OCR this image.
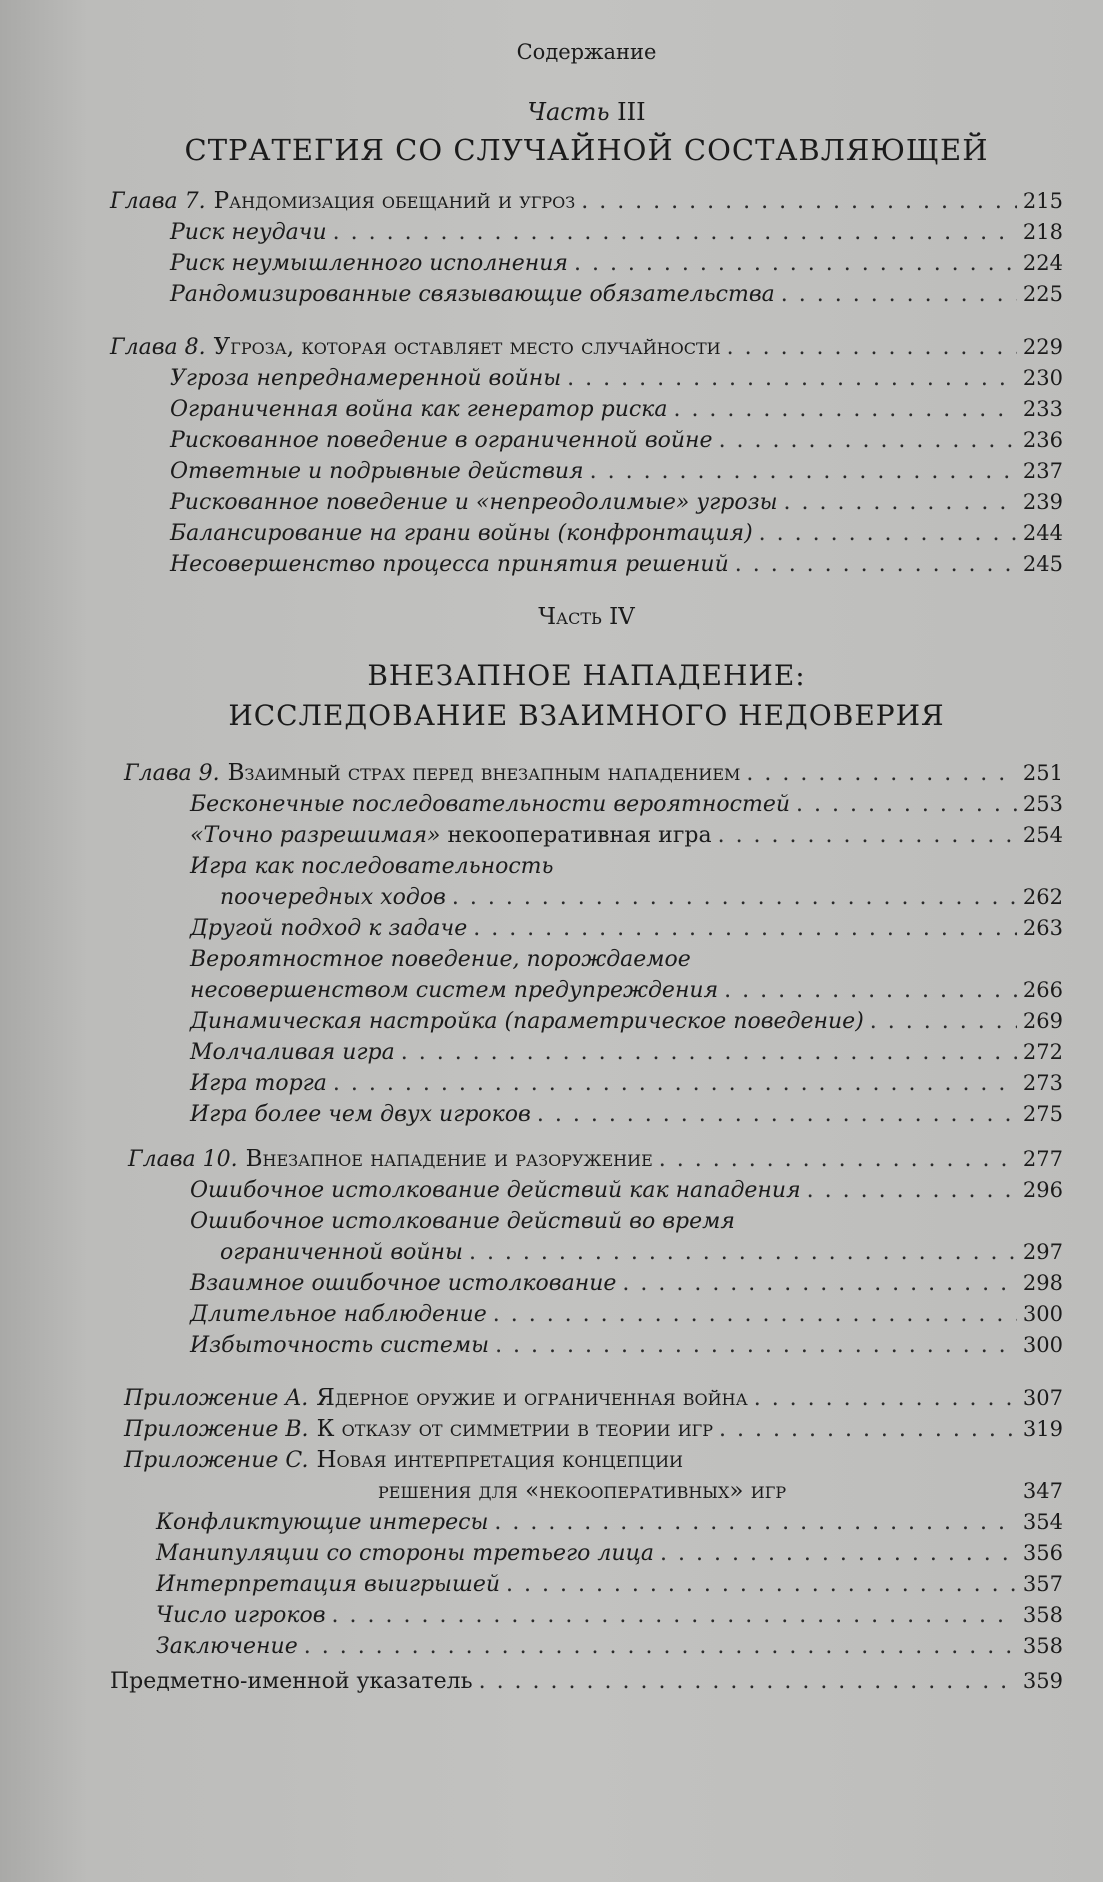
Содержание
Часть III
СТРАТЕГИЯ СО СЛУЧАЙНОЙ СОСТАВЛЯЮЩЕЙ
Глава 7. Рандомизация обещаний и угроз . . .	215
Риск неудачи . . .	218
Риск неумышленного исполнения . . .	224
Рандомизированные связывающие обязательства . . .	225
Глава 8. Угроза, которая оставляет место случайности . . .	229
Угроза непреднамеренной войны . . .	230
Ограниченная война как генератор риска . . .	233
Рискованное поведение в ограниченной войне . . .	236
Ответные и подрывные действия . . .	237
Рискованное поведение и «непреодолимые» угрозы . . .	239
Балансирование на грани войны (конфронтация) . . .	244
Несовершенство процесса принятия решений . . .	245
Часть IV
ВНЕЗАПНОЕ НАПАДЕНИЕ:
ИССЛЕДОВАНИЕ ВЗАИМНОГО НЕДОВЕРИЯ
Глава 9. Взаимный страх перед внезапным нападением . . .	251
Бесконечные последовательности вероятностей . . .	253
«Точно разрешимая» некооперативная игра . . .	254
Игра как последовательность
поочередных ходов . . .	262
Другой подход к задаче . . .	263
Вероятностное поведение, порождаемое
несовершенством систем предупреждения . . .	266
Динамическая настройка (параметрическое поведение) . . .	269
Молчаливая игра . . .	272
Игра торга . . .	273
Игра более чем двух игроков . . .	275
Глава 10. Внезапное нападение и разоружение . . .	277
Ошибочное истолкование действий как нападения . . .	296
Ошибочное истолкование действий во время
ограниченной войны . . .	297
Взаимное ошибочное истолкование . . .	298
Длительное наблюдение . . .	300
Избыточность системы . . .	300
Приложение A. Ядерное оружие и ограниченная война . . .	307
Приложение B. К отказу от симметрии в теории игр . . .	319
Приложение C. Новая интерпретация концепции
решения для «некооперативных» игр	347
Конфликтующие интересы . . .	354
Манипуляции со стороны третьего лица . . .	356
Интерпретация выигрышей . . .	357
Число игроков . . .	358
Заключение . . .	358
Предметно-именной указатель . . .	359
